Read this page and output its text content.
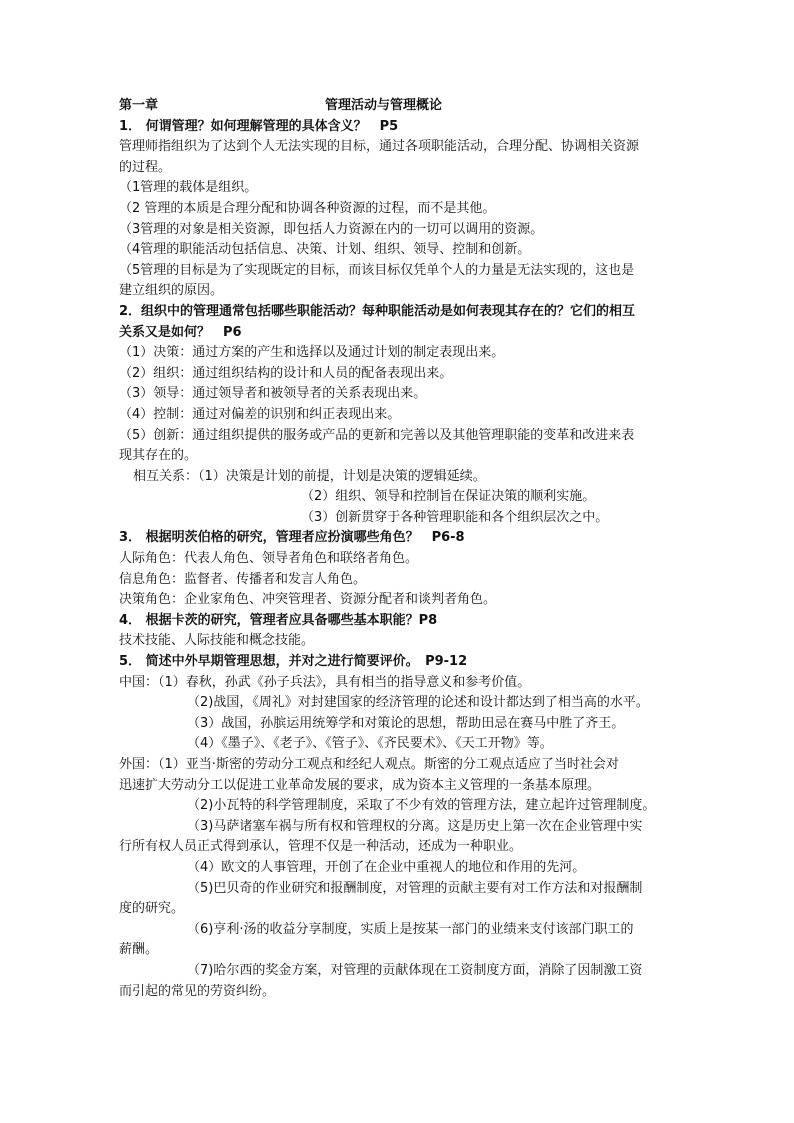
第一章	管理活动与管理概论

1． 何谓管理？如何理解管理的具体含义？　P5

管理师指组织为了达到个人无法实现的目标，通过各项职能活动，合理分配、协调相关资源

的过程。

（1管理的载体是组织。

（2 管理的本质是合理分配和协调各种资源的过程，而不是其他。

（3管理的对象是相关资源，即包括人力资源在内的一切可以调用的资源。

（4管理的职能活动包括信息、决策、计划、组织、领导、控制和创新。

（5管理的目标是为了实现既定的目标，而该目标仅凭单个人的力量是无法实现的，这也是

建立组织的原因。

2．组织中的管理通常包括哪些职能活动？每种职能活动是如何表现其存在的？它们的相互

关系又是如何？　P6

（1）决策：通过方案的产生和选择以及通过计划的制定表现出来。

（2）组织：通过组织结构的设计和人员的配备表现出来。

（3）领导：通过领导者和被领导者的关系表现出来。

（4）控制：通过对偏差的识别和纠正表现出来。

（5）创新：通过组织提供的服务或产品的更新和完善以及其他管理职能的变革和改进来表

现其存在的。

相互关系：（1）决策是计划的前提，计划是决策的逻辑延续。

（2）组织、领导和控制旨在保证决策的顺利实施。

（3）创新贯穿于各种管理职能和各个组织层次之中。

3． 根据明茨伯格的研究，管理者应扮演哪些角色？　P6-8

人际角色：代表人角色、领导者角色和联络者角色。

信息角色：监督者、传播者和发言人角色。

决策角色：企业家角色、冲突管理者、资源分配者和谈判者角色。

4． 根据卡茨的研究，管理者应具备哪些基本职能？P8

技术技能、人际技能和概念技能。

5． 简述中外早期管理思想，并对之进行简要评价。　P9-12

中国：（1）春秋，孙武《孙子兵法》，具有相当的指导意义和参考价值。

（2)战国，《周礼》对封建国家的经济管理的论述和设计都达到了相当高的水平。

（3）战国，孙膑运用统筹学和对策论的思想，帮助田忌在赛马中胜了齐王。

（4）《墨子》、《老子》、《管子》、《齐民要术》、《天工开物》等。

外国：（1）亚当·斯密的劳动分工观点和经纪人观点。斯密的分工观点适应了当时社会对

迅速扩大劳动分工以促进工业革命发展的要求，成为资本主义管理的一条基本原理。

（2)小瓦特的科学管理制度，采取了不少有效的管理方法，建立起许过管理制度。

（3)马萨诸塞车祸与所有权和管理权的分离。这是历史上第一次在企业管理中实

行所有权人员正式得到承认，管理不仅是一种活动，还成为一种职业。

（4）欧文的人事管理，开创了在企业中重视人的地位和作用的先河。

（5)巴贝奇的作业研究和报酬制度，对管理的贡献主要有对工作方法和对报酬制

度的研究。

（6)亨利·汤的收益分享制度，实质上是按某一部门的业绩来支付该部门职工的

薪酬。

（7)哈尔西的奖金方案，对管理的贡献体现在工资制度方面，消除了因制激工资

而引起的常见的劳资纠纷。
